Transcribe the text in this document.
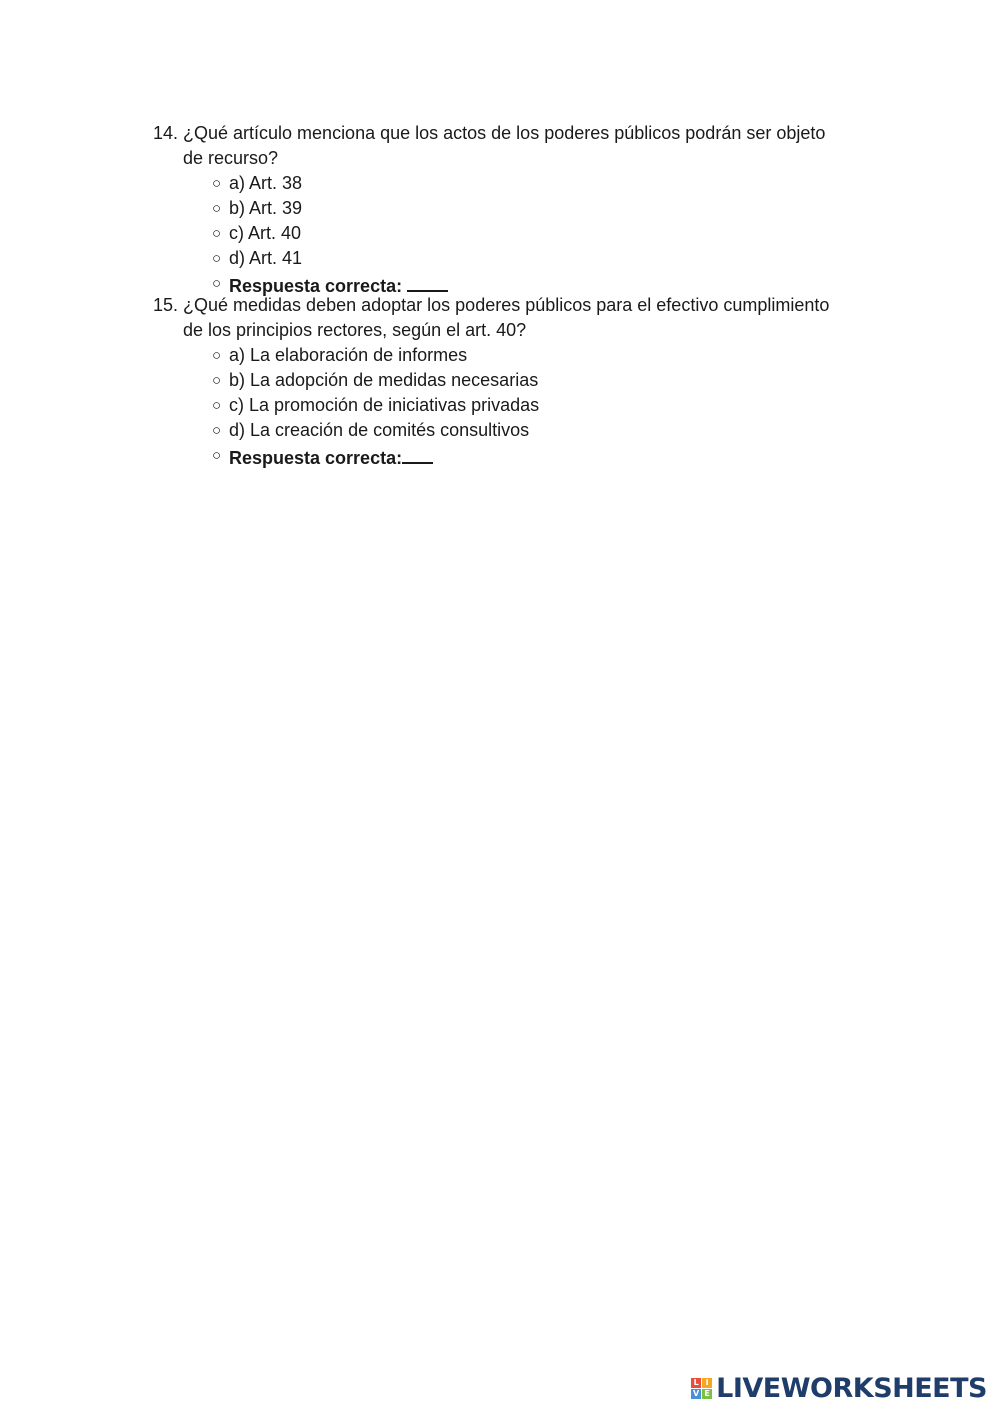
14. ¿Qué artículo menciona que los actos de los poderes públicos podrán ser objeto
de recurso?
○ a) Art. 38
○ b) Art. 39
○ c) Art. 40
○ d) Art. 41
○ Respuesta correcta:
15. ¿Qué medidas deben adoptar los poderes públicos para el efectivo cumplimiento
de los principios rectores, según el art. 40?
○ a) La elaboración de informes
○ b) La adopción de medidas necesarias
○ c) La promoción de iniciativas privadas
○ d) La creación de comités consultivos
○ Respuesta correcta:
L I
V E LIVEWORKSHEETS
